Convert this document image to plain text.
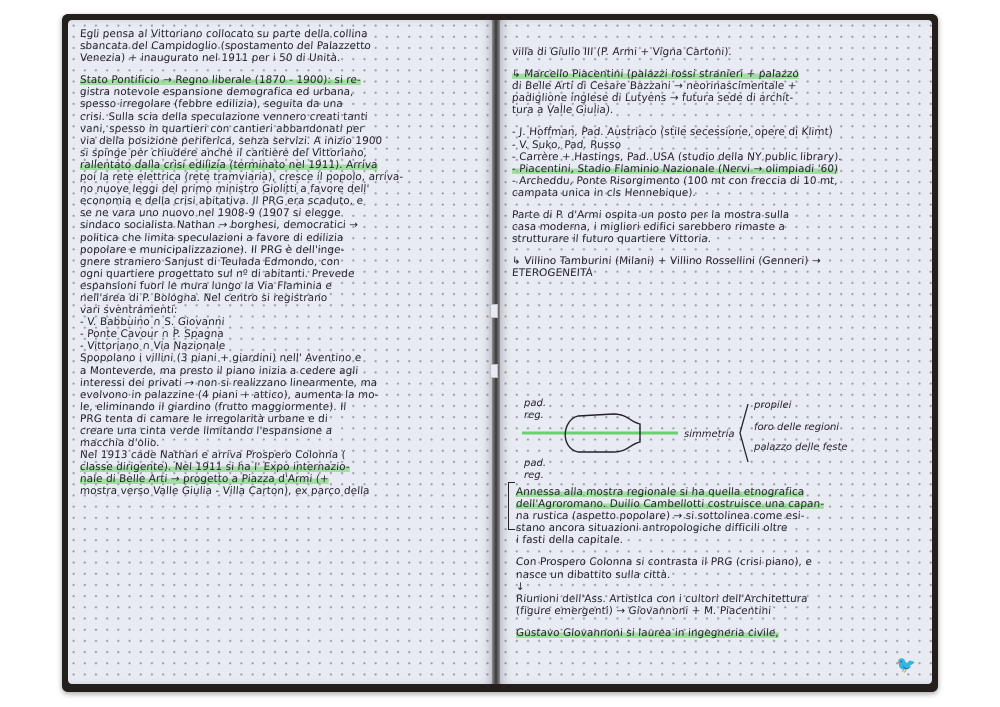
Egli pensa al Vittoriano collocato su parte della collina
sbancata del Campidoglio (spostamento del Palazzetto
Venezia) + inaugurato nel 1911 per i 50 di Unità.
Stato Pontificio → Regno liberale (1870 - 1900): si re-
gistra notevole espansione demografica ed urbana,
spesso irregolare (febbre edilizia), seguita da una
crisi. Sulla scia della speculazione vennero creati tanti
vani, spesso in quartieri con cantieri abbandonati per
via della posizione periferica, senza servizi. A inizio 1900
si spinge per chiudere anche il cantiere del Vittoriano,
rallentato dalla crisi edilizia (terminato nel 1911). Arriva
poi la rete elettrica (rete tramviaria), cresce il popolo, arriva-
no nuove leggi del primo ministro Giolitti a favore dell'
economia e della crisi abitativa. Il PRG era scaduto, e
se ne vara uno nuovo nel 1908-9 (1907 si elegge
sindaco socialista Nathan → borghesi, democratici →
politica che limita speculazioni a favore di edilizia
popolare e municipalizzazione). Il PRG è dell'inge-
gnere straniero Sanjust di Teulada Edmondo, con
ogni quartiere progettato sul nº di abitanti. Prevede
espansioni fuori le mura lungo la Via Flaminia e
nell'area di P. Bologna. Nel centro si registrano
vari sventramenti:
- V. Babbuino ∩ S. Giovanni
- Ponte Cavour ∩ P. Spagna
- Vittoriano ∩ Via Nazionale
Spopolano i villini (3 piani + giardini) nell' Aventino e
a Monteverde, ma presto il piano inizia a cedere agli
interessi dei privati → non si realizzano linearmente, ma
evolvono in palazzine (4 piani + attico), aumenta la mo-
le, eliminando il giardino (frutto maggiormente). Il
PRG tenta di camare le irregolarità urbane e di
creare una cinta verde limitando l'espansione a
macchia d'olio.
Nel 1913 cade Nathan e arriva Prospero Colonna (
classe dirigente). Nel 1911 si ha l' Expo internazio-
nale di Belle Arti → progetto a Piazza d'Armi (+
mostra verso Valle Giulia - Villa Carton), ex parco della
villa di Giulio III (P. Armi + Vigna Cartoni).
↳ Marcello Piacentini (palazzi rossi stranieri + palazzo
di Belle Arti di Cesare Bazzani → neorinascimentale +
padiglione inglese di Lutyens → futura sede di archit-
tura a Valle Giulia).
- J. Hoffman, Pad. Austriaco (stile secessione, opere di Klimt)
- V. Suko, Pad. Russo
- Carrère + Hastings, Pad. USA (studio della NY public library).
- Piacentini, Stadio Flaminio Nazionale (Nervi → olimpiadi '60)
- Archeddu, Ponte Risorgimento (100 mt con freccia di 10 mt,
campata unica in cls Hennebique).
Parte di P. d'Armi ospita un posto per la mostra sulla
casa moderna, i migliori edifici sarebbero rimaste a
strutturare il futuro quartiere Vittoria.
↳ Villino Tamburini (Milani) + Villino Rossellini (Genneri) →
ETEROGENEITÀ
pad.
reg.
pad.
reg.
simmetria
propilei
foro delle regioni
palazzo delle feste
Annessa alla mostra regionale si ha quella etnografica
dell'Agroromano. Duilio Cambellotti costruisce una capan-
na rustica (aspetto popolare) → si sottolinea come esi-
stano ancora situazioni antropologiche difficili oltre
i fasti della capitale.
Con Prospero Colonna si contrasta il PRG (crisi piano), e
nasce un dibattito sulla città.
↓
Riunioni dell'Ass. Artistica con i cultori dell'Architettura
(figure emergenti) → Giovannoni + M. Piacentini
Gustavo Giovannoni si laurea in ingegneria civile,
🐦
